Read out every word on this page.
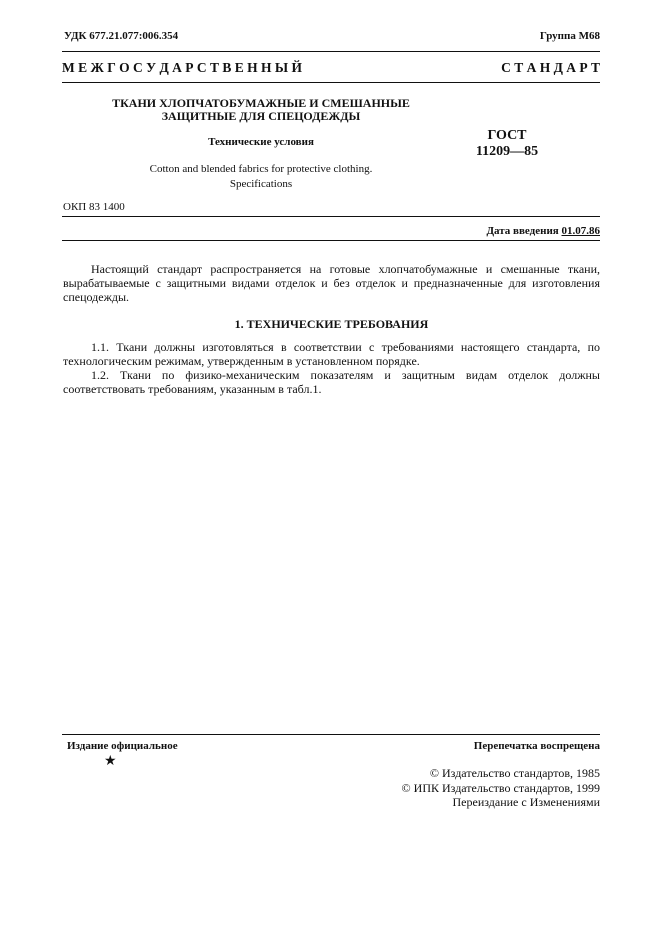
УДК 677.21.077:006.354	Группа М68
М Е Ж Г О С У Д А Р С Т В Е Н Н Ы Й	С Т А Н Д А Р Т
ТКАНИ ХЛОПЧАТОБУМАЖНЫЕ И СМЕШАННЫЕ
ЗАЩИТНЫЕ ДЛЯ СПЕЦОДЕЖДЫ
Технические условия
Cotton and blended fabrics for protective clothing.
Specifications
ГОСТ
11209—85
ОКП 83 1400
Дата введения 01.07.86
Настоящий стандарт распространяется на готовые хлопчатобумажные и смешанные ткани, вырабатываемые с защитными видами отделок и без отделок и предназначенные для изготовления спецодежды.
1. ТЕХНИЧЕСКИЕ ТРЕБОВАНИЯ
1.1. Ткани должны изготовляться в соответствии с требованиями настоящего стандарта, по технологическим режимам, утвержденным в установленном порядке.
1.2. Ткани по физико-механическим показателям и защитным видам отделок должны соответствовать требованиям, указанным в табл.1.
Издание официальное
★
Перепечатка воспрещена
© Издательство стандартов, 1985
© ИПК Издательство стандартов, 1999
Переиздание с Изменениями
